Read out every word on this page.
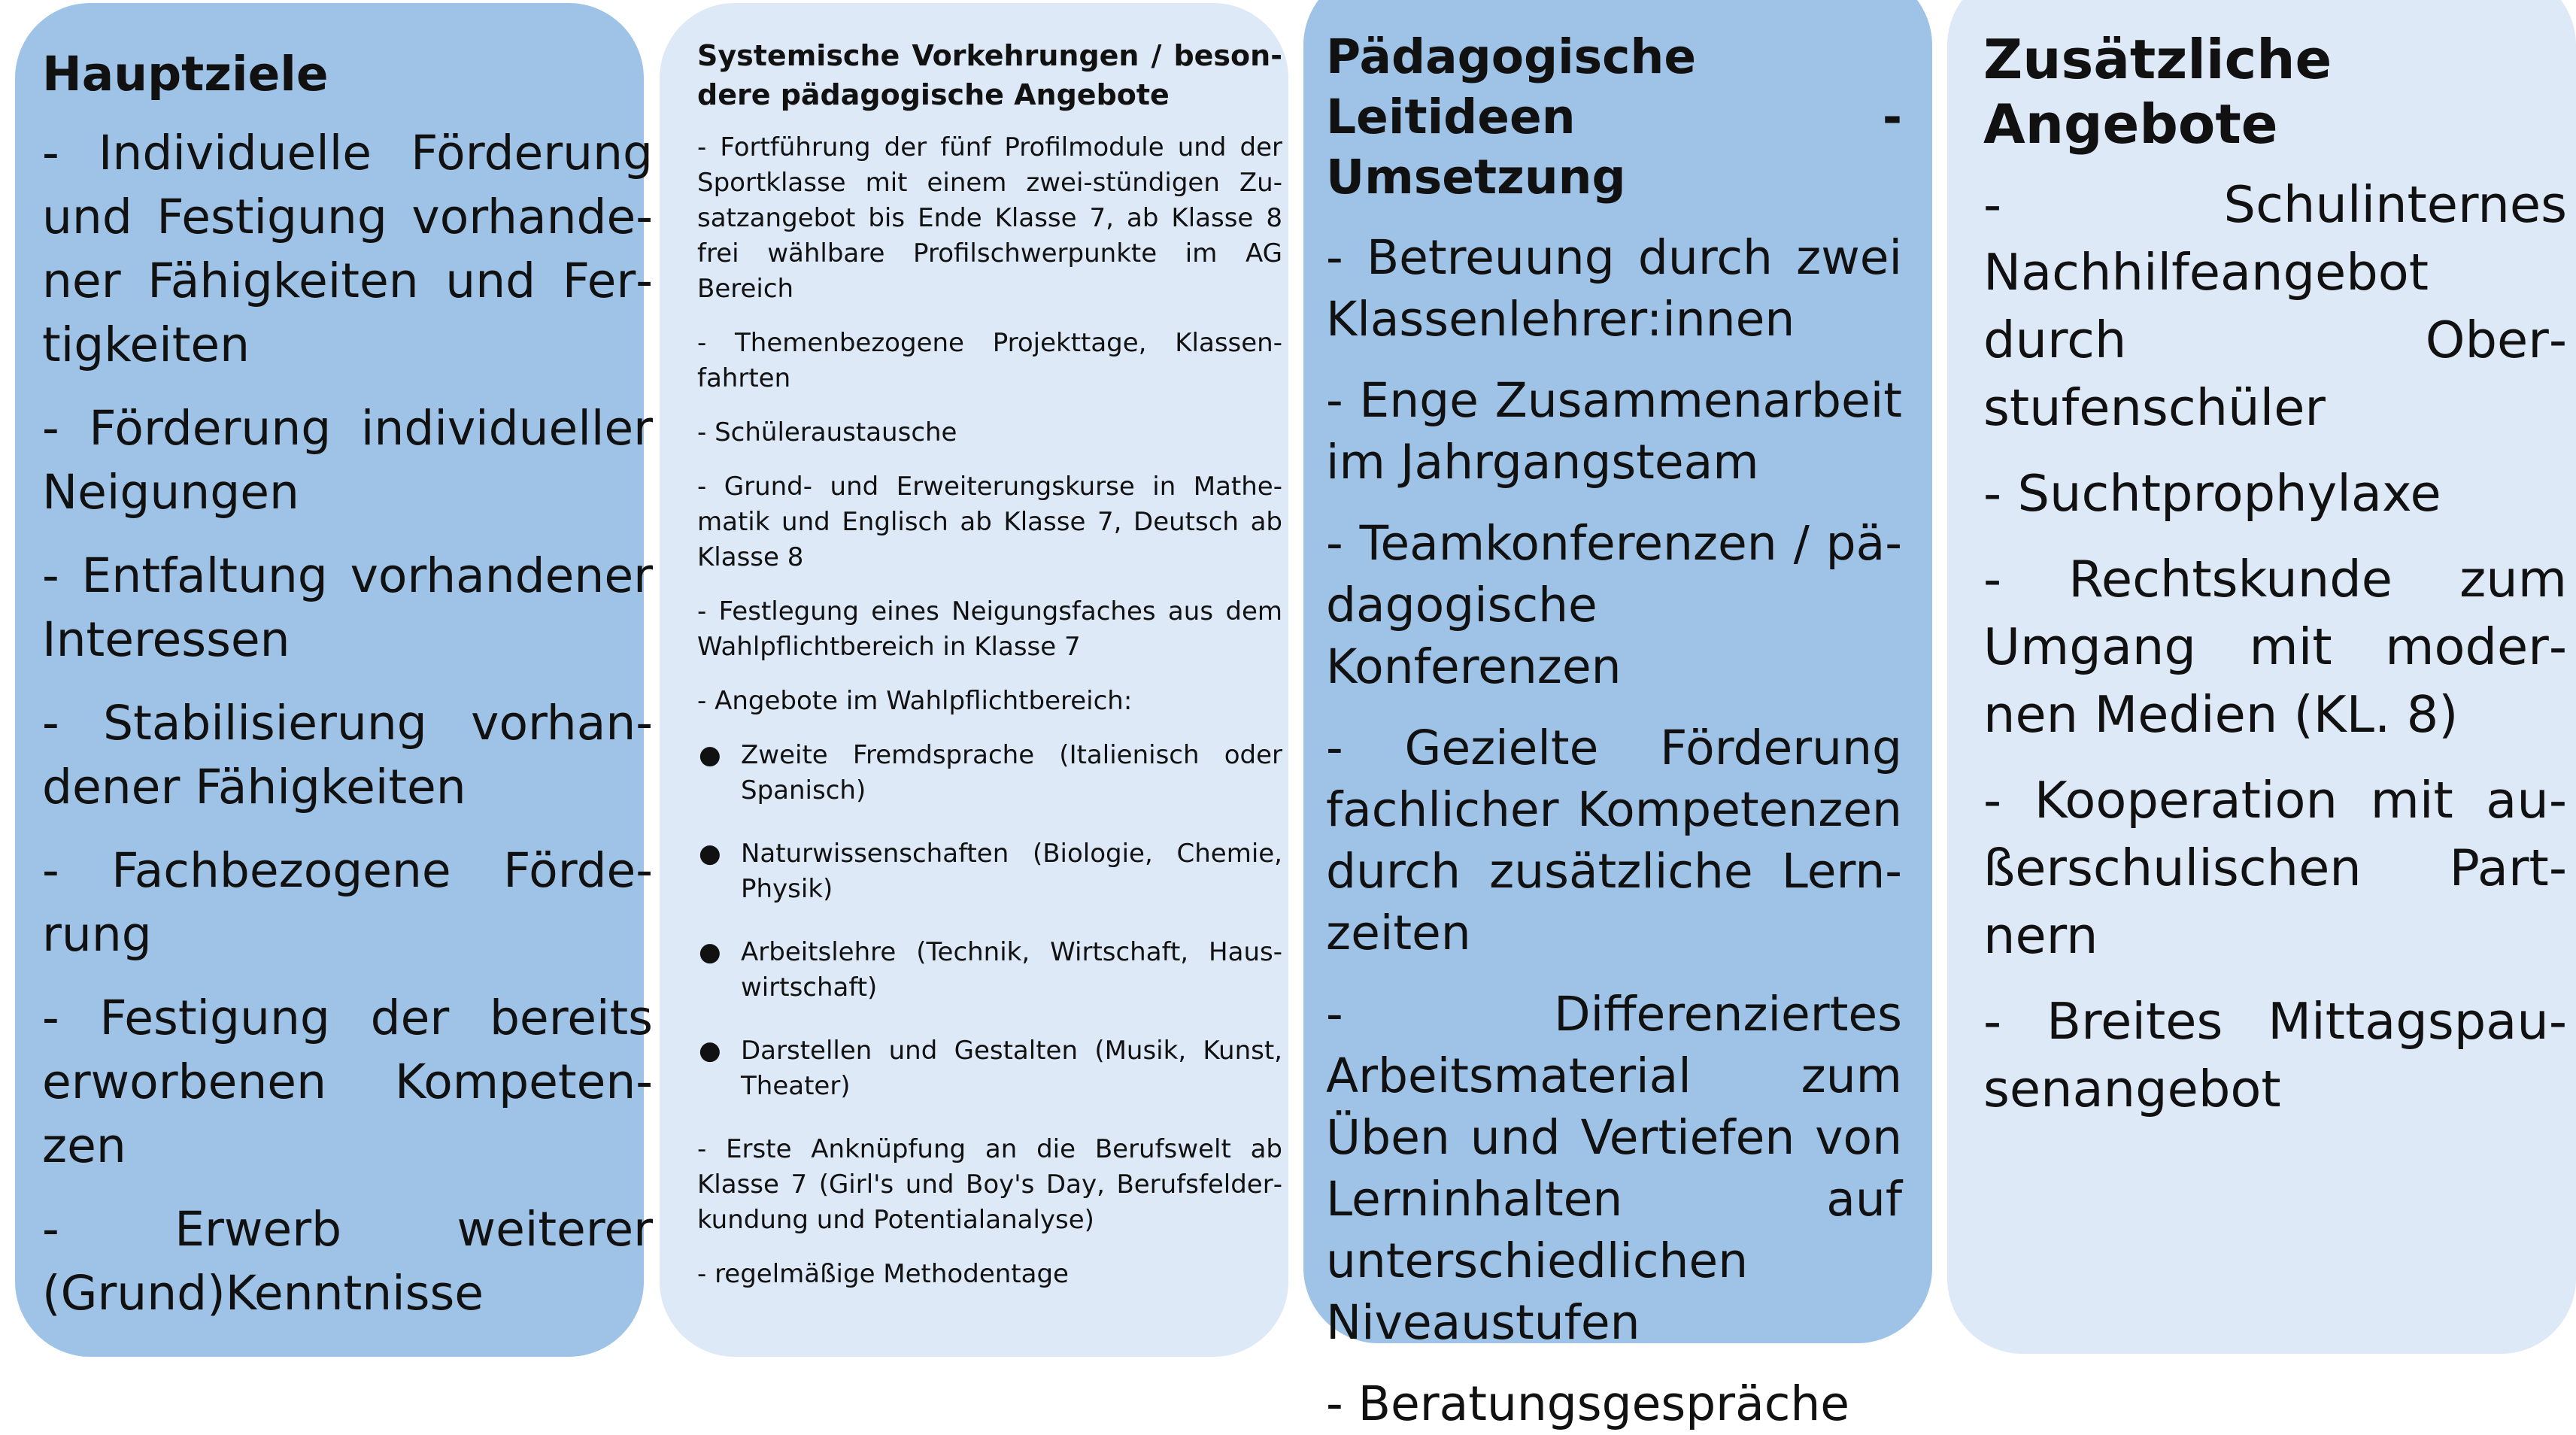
Hauptziele

- Individuelle Förderung und Festigung vorhandener Fähigkeiten und Fertigkeiten

- Förderung individueller Neigungen

- Entfaltung vorhandener Interessen

- Stabilisierung vorhandener Fähigkeiten

- Fachbezogene Förderung

- Festigung der bereits erworbenen Kompetenzen

- Erwerb weiterer (Grund)Kenntnisse

Systemische Vorkehrungen / besondere pädagogische Angebote

- Fortführung der fünf Profilmodule und der Sportklasse mit einem zwei-stündigen Zusatzangebot bis Ende Klasse 7, ab Klasse 8 frei wählbare Profilschwerpunkte im AG Bereich

- Themenbezogene Projekttage, Klassenfahrten

- Schüleraustausche

- Grund- und Erweiterungskurse in Mathematik und Englisch ab Klasse 7, Deutsch ab Klasse 8

- Festlegung eines Neigungsfaches aus dem Wahlpflichtbereich in Klasse 7

- Angebote im Wahlpflichtbereich:

● Zweite Fremdsprache (Italienisch oder Spanisch)
● Naturwissenschaften (Biologie, Chemie, Physik)
● Arbeitslehre (Technik, Wirtschaft, Hauswirtschaft)
● Darstellen und Gestalten (Musik, Kunst, Theater)

- Erste Anknüpfung an die Berufswelt ab Klasse 7 (Girl's und Boy's Day, Berufsfelderkundung und Potentialanalyse)

- regelmäßige Methodentage

Pädagogische Leitideen - Umsetzung

- Betreuung durch zwei Klassenlehrer:innen

- Enge Zusammenarbeit im Jahrgangsteam

- Teamkonferenzen / pädagogische Konferenzen

- Gezielte Förderung fachlicher Kompetenzen durch zusätzliche Lernzeiten

- Differenziertes Arbeitsmaterial zum Üben und Vertiefen von Lerninhalten auf unterschiedlichen Niveaustufen

- Beratungsgespräche

Zusätzliche Angebote

- Schulinternes Nachhilfeangebot durch Oberstufenschüler

- Suchtprophylaxe

- Rechtskunde zum Umgang mit modernen Medien (KL. 8)

- Kooperation mit außerschulischen Partnern

- Breites Mittagspausenangebot
